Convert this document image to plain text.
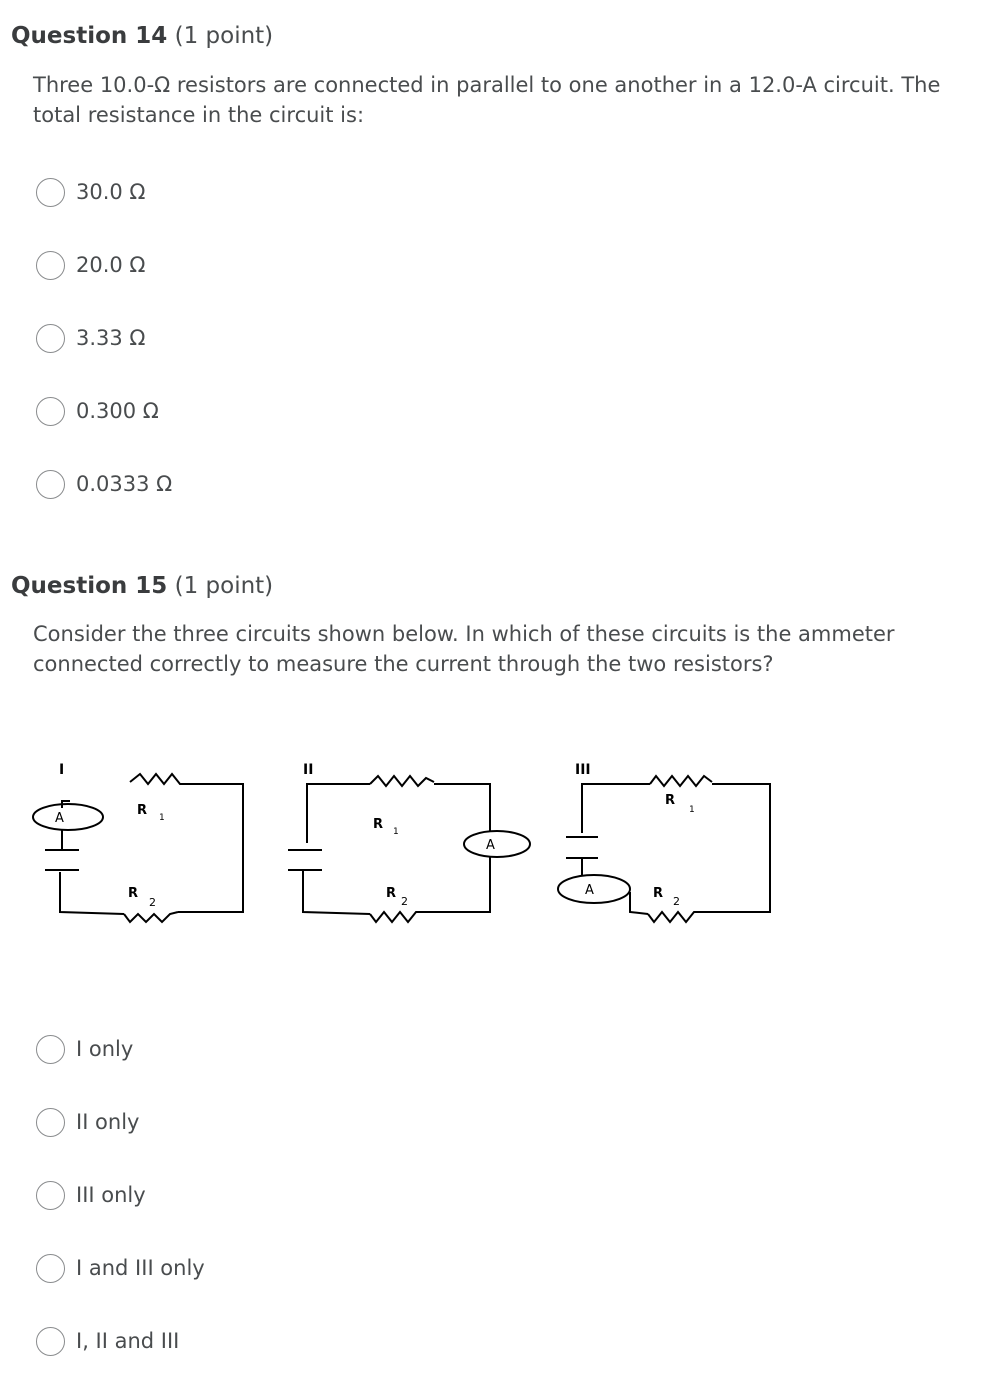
Question 14 (1 point)
Three 10.0-Ω resistors are connected in parallel to one another in a 12.0-A circuit. The total resistance in the circuit is:
30.0 Ω
20.0 Ω
3.33 Ω
0.300 Ω
0.0333 Ω
Question 15 (1 point)
Consider the three circuits shown below. In which of these circuits is the ammeter connected correctly to measure the current through the two resistors?
I	II	III
A
A
A
R 1
R
2
R 1
R
2
R
1
R
2
I only
II only
III only
I and III only
I, II and III
